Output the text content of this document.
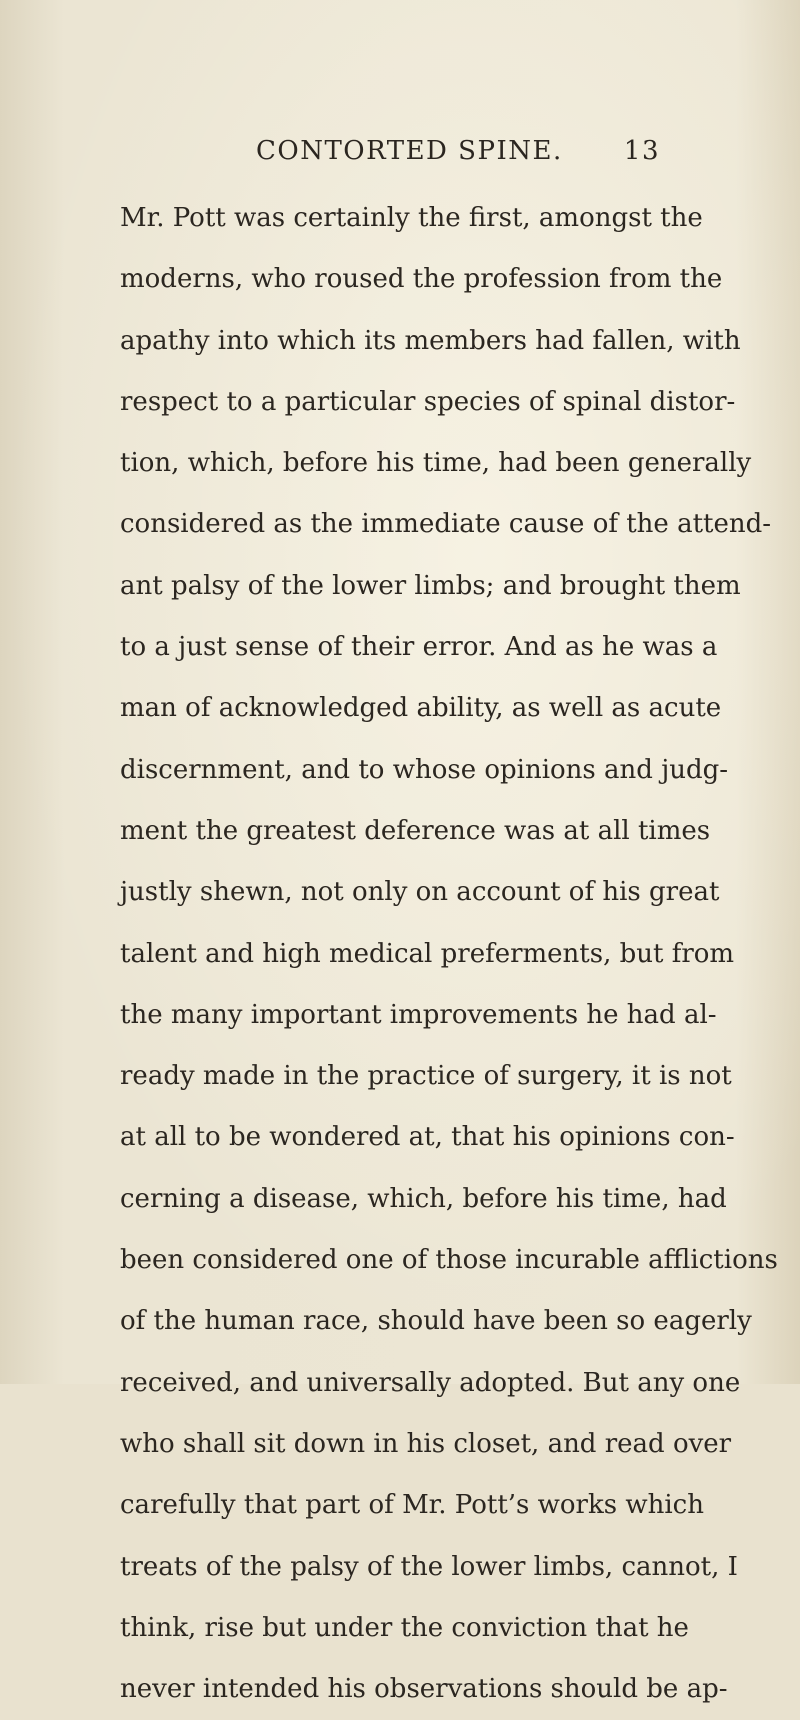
CONTORTED SPINE. 13
Mr. Pott was certainly the first, amongst the
moderns, who roused the profession from the
apathy into which its members had fallen, with
respect to a particular species of spinal distor-
tion, which, before his time, had been generally
considered as the immediate cause of the attend-
ant palsy of the lower limbs; and brought them
to a just sense of their error. And as he was a
man of acknowledged ability, as well as acute
discernment, and to whose opinions and judg-
ment the greatest deference was at all times
justly shewn, not only on account of his great
talent and high medical preferments, but from
the many important improvements he had al-
ready made in the practice of surgery, it is not
at all to be wondered at, that his opinions con-
cerning a disease, which, before his time, had
been considered one of those incurable afflictions
of the human race, should have been so eagerly
received, and universally adopted. But any one
who shall sit down in his closet, and read over
carefully that part of Mr. Pott’s works which
treats of the palsy of the lower limbs, cannot, I
think, rise but under the conviction that he
never intended his observations should be ap-
